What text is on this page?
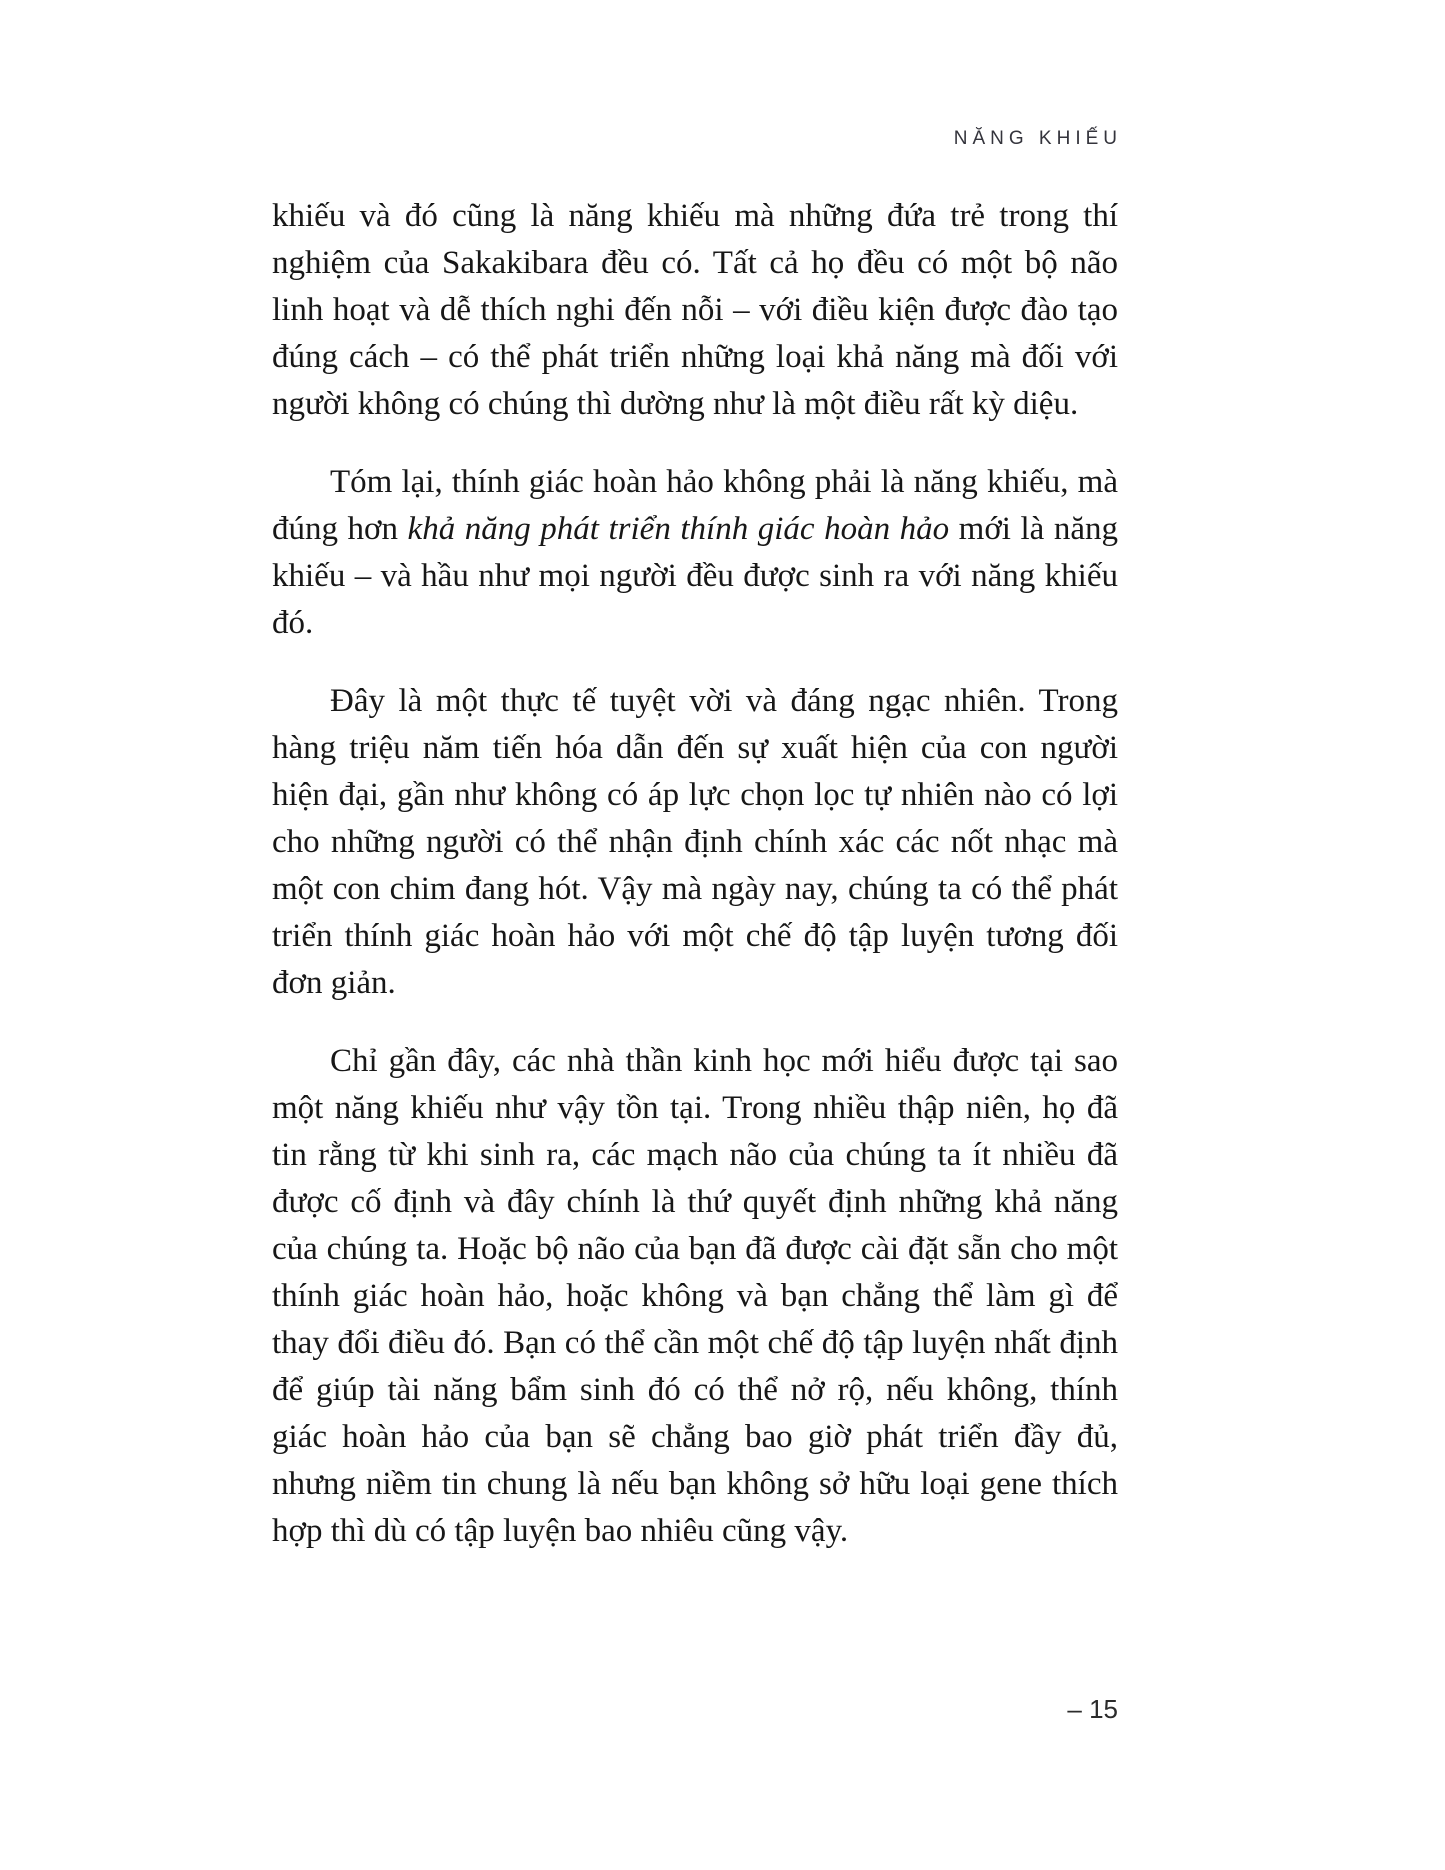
NĂNG KHIẾU

khiếu và đó cũng là năng khiếu mà những đứa trẻ trong thí nghiệm của Sakakibara đều có. Tất cả họ đều có một bộ não linh hoạt và dễ thích nghi đến nỗi – với điều kiện được đào tạo đúng cách – có thể phát triển những loại khả năng mà đối với người không có chúng thì dường như là một điều rất kỳ diệu.

Tóm lại, thính giác hoàn hảo không phải là năng khiếu, mà đúng hơn khả năng phát triển thính giác hoàn hảo mới là năng khiếu – và hầu như mọi người đều được sinh ra với năng khiếu đó.

Đây là một thực tế tuyệt vời và đáng ngạc nhiên. Trong hàng triệu năm tiến hóa dẫn đến sự xuất hiện của con người hiện đại, gần như không có áp lực chọn lọc tự nhiên nào có lợi cho những người có thể nhận định chính xác các nốt nhạc mà một con chim đang hót. Vậy mà ngày nay, chúng ta có thể phát triển thính giác hoàn hảo với một chế độ tập luyện tương đối đơn giản.

Chỉ gần đây, các nhà thần kinh học mới hiểu được tại sao một năng khiếu như vậy tồn tại. Trong nhiều thập niên, họ đã tin rằng từ khi sinh ra, các mạch não của chúng ta ít nhiều đã được cố định và đây chính là thứ quyết định những khả năng của chúng ta. Hoặc bộ não của bạn đã được cài đặt sẵn cho một thính giác hoàn hảo, hoặc không và bạn chẳng thể làm gì để thay đổi điều đó. Bạn có thể cần một chế độ tập luyện nhất định để giúp tài năng bẩm sinh đó có thể nở rộ, nếu không, thính giác hoàn hảo của bạn sẽ chẳng bao giờ phát triển đầy đủ, nhưng niềm tin chung là nếu bạn không sở hữu loại gene thích hợp thì dù có tập luyện bao nhiêu cũng vậy.

– 15
